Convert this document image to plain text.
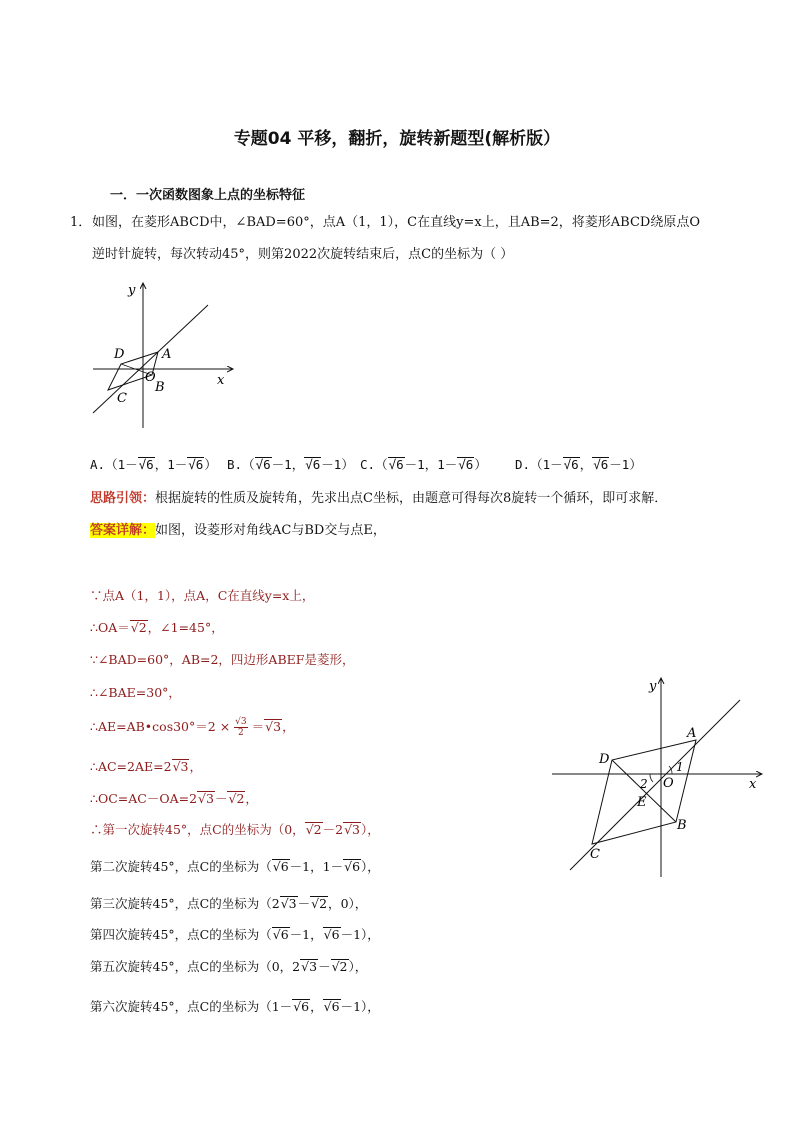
专题04 平移，翻折，旋转新题型(解析版）
一．一次函数图象上点的坐标特征
1． 如图，在菱形ABCD中，∠BAD=60°，点A（1，1），C在直线y=x上，且AB=2，将菱形ABCD绕原点O
逆时针旋转，每次转动45°，则第2022次旋转结束后，点C的坐标为（ ）
y
x
D	A
O
B
C
A.（1－ √ 6，1－ √ 6） B.（ √ 6－1， √ 6－1） C.（ √ 6－1，1－ √ 6） D.（1－ √ 6， √ 6－1）
思路引领：根据旋转的性质及旋转角，先求出点C坐标，由题意可得每次8旋转一个循环，即可求解．
答案详解：如图，设菱形对角线AC与BD交与点E，
∵点A（1，1），点A，C在直线y=x上，
∴OA＝ √ 2，∠1=45°，
∵∠BAD=60°，AB=2，四边形ABEF是菱形，
∴∠BAE=30°，
∴AE=AB•cos30°＝2 × √ $\frac{3}{2}$ ＝ √ 3，
∴AC=2AE=2 √ 3，
∴OC=AC－OA=2 √ 3－ √ 2，
∴第一次旋转45°，点C的坐标为（0， √ 2－2 √ 3），
第二次旋转45°，点C的坐标为（ √ 6－1，1－ √ 6），
第三次旋转45°，点C的坐标为（2 √ 3－ √ 2，0），
第四次旋转45°，点C的坐标为（ √ 6－1， √ 6－1），
第五次旋转45°，点C的坐标为（0，2 √ 3－ √ 2），
第六次旋转45°，点C的坐标为（1－ √ 6， √ 6－1），
y
x
A
D
O
E
B
C
1
2
